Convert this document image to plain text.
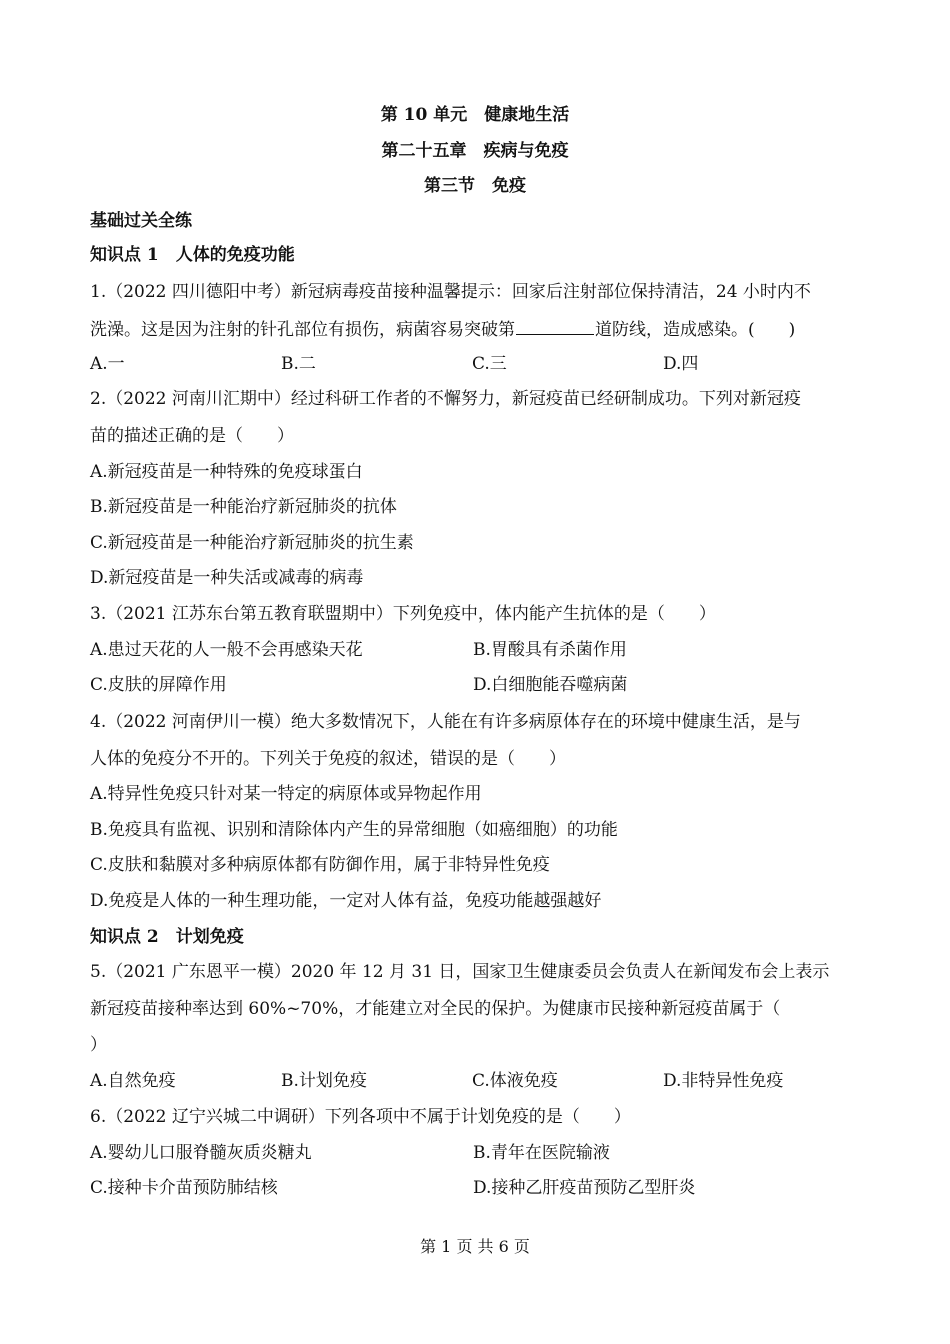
第 10 单元　健康地生活
第二十五章　疾病与免疫
第三节　免疫
基础过关全练
知识点 1　人体的免疫功能
1.（2022 四川德阳中考）新冠病毒疫苗接种温馨提示：回家后注射部位保持清洁，24 小时内不
洗澡。这是因为注射的针孔部位有损伤，病菌容易突破第	道防线，造成感染。(　　)
A.一	B.二	C.三	D.四
2.（2022 河南川汇期中）经过科研工作者的不懈努力，新冠疫苗已经研制成功。下列对新冠疫
苗的描述正确的是（　　）
A.新冠疫苗是一种特殊的免疫球蛋白
B.新冠疫苗是一种能治疗新冠肺炎的抗体
C.新冠疫苗是一种能治疗新冠肺炎的抗生素
D.新冠疫苗是一种失活或减毒的病毒
3.（2021 江苏东台第五教育联盟期中）下列免疫中，体内能产生抗体的是（　　）
A.患过天花的人一般不会再感染天花	B.胃酸具有杀菌作用
C.皮肤的屏障作用	D.白细胞能吞噬病菌
4.（2022 河南伊川一模）绝大多数情况下，人能在有许多病原体存在的环境中健康生活，是与
人体的免疫分不开的。下列关于免疫的叙述，错误的是（　　）
A.特异性免疫只针对某一特定的病原体或异物起作用
B.免疫具有监视、识别和清除体内产生的异常细胞（如癌细胞）的功能
C.皮肤和黏膜对多种病原体都有防御作用，属于非特异性免疫
D.免疫是人体的一种生理功能，一定对人体有益，免疫功能越强越好
知识点 2　计划免疫
5.（2021 广东恩平一模）2020 年 12 月 31 日，国家卫生健康委员会负责人在新闻发布会上表示
新冠疫苗接种率达到 60%~70%，才能建立对全民的保护。为健康市民接种新冠疫苗属于（
）
A.自然免疫	B.计划免疫	C.体液免疫	D.非特异性免疫
6.（2022 辽宁兴城二中调研）下列各项中不属于计划免疫的是（　　）
A.婴幼儿口服脊髓灰质炎糖丸	B.青年在医院输液
C.接种卡介苗预防肺结核	D.接种乙肝疫苗预防乙型肝炎
第 1 页 共 6 页
